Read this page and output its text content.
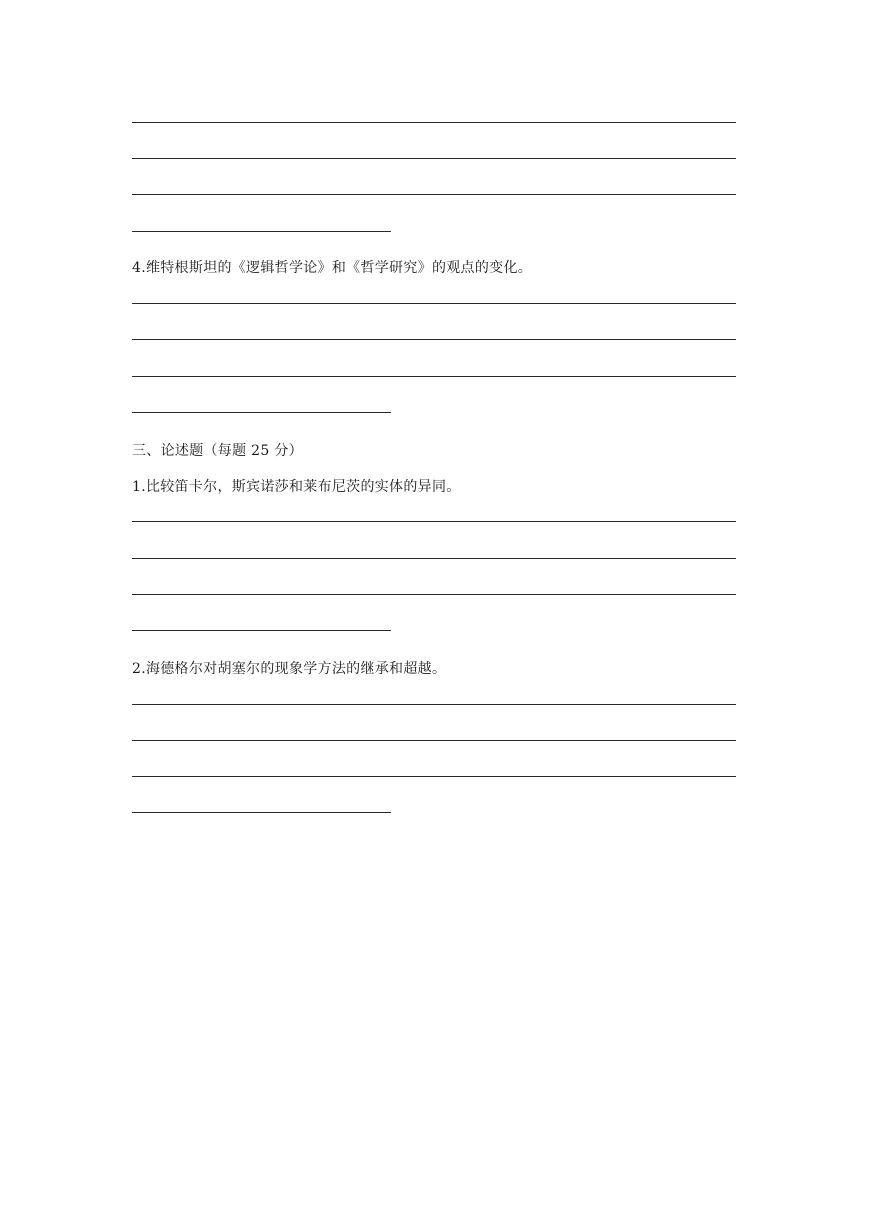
4.维特根斯坦的《逻辑哲学论》和《哲学研究》的观点的变化。
三、论述题（每题 25 分）
1.比较笛卡尔，斯宾诺莎和莱布尼茨的实体的异同。
2.海德格尔对胡塞尔的现象学方法的继承和超越。
